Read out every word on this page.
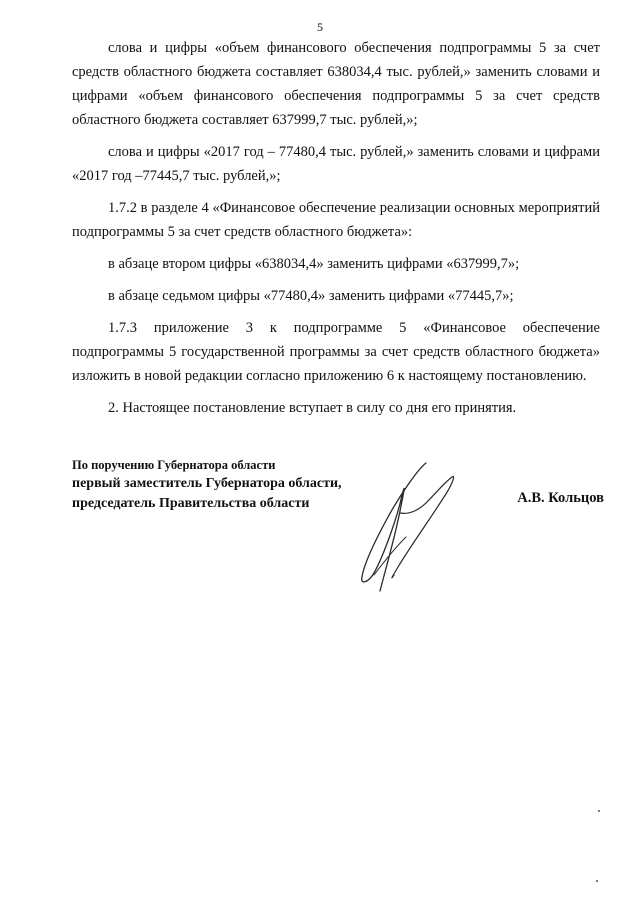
5

слова и цифры «объем финансового обеспечения подпрограммы 5 за счет средств областного бюджета составляет 638034,4 тыс. рублей,» заменить словами и цифрами «объем финансового обеспечения подпрограммы 5 за счет средств областного бюджета составляет 637999,7 тыс. рублей,»;

слова и цифры «2017 год – 77480,4 тыс. рублей,» заменить словами и цифрами «2017 год –77445,7 тыс. рублей,»;

1.7.2 в разделе 4 «Финансовое обеспечение реализации основных мероприятий подпрограммы 5 за счет средств областного бюджета»:

в абзаце втором цифры «638034,4» заменить цифрами «637999,7»;

в абзаце седьмом цифры «77480,4» заменить цифрами «77445,7»;

1.7.3 приложение 3 к подпрограмме 5 «Финансовое обеспечение подпрограммы 5 государственной программы за счет средств областного бюджета» изложить в новой редакции согласно приложению 6 к настоящему постановлению.

2. Настоящее постановление вступает в силу со дня его принятия.

По поручению Губернатора области
первый заместитель Губернатора области,
председатель Правительства области	А.В. Кольцов
